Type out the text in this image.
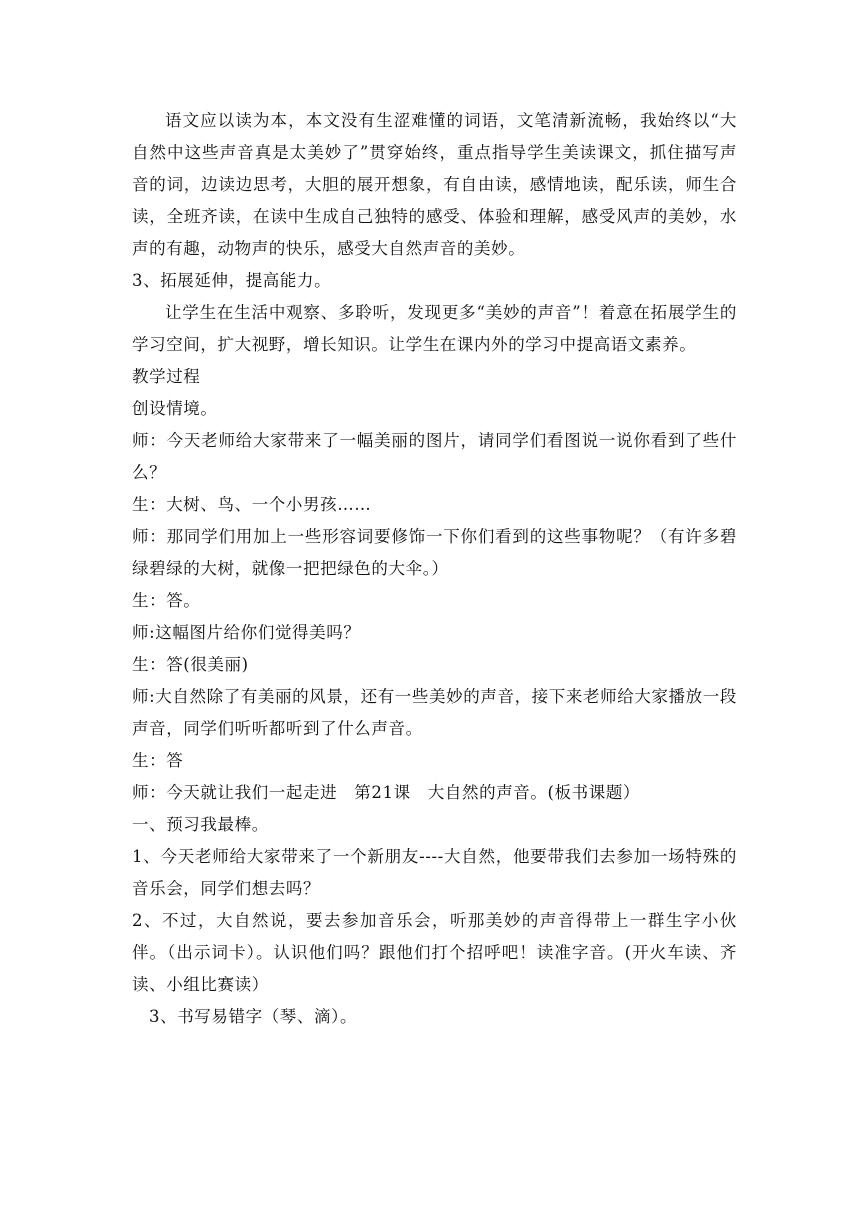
语文应以读为本，本文没有生涩难懂的词语，文笔清新流畅，我始终以“大自然中这些声音真是太美妙了”贯穿始终，重点指导学生美读课文，抓住描写声音的词，边读边思考，大胆的展开想象，有自由读，感情地读，配乐读，师生合读，全班齐读，在读中生成自己独特的感受、体验和理解，感受风声的美妙，水声的有趣，动物声的快乐，感受大自然声音的美妙。

3、拓展延伸，提高能力。

让学生在生活中观察、多聆听，发现更多“美妙的声音”！着意在拓展学生的学习空间，扩大视野，增长知识。让学生在课内外的学习中提高语文素养。

教学过程

创设情境。

师：今天老师给大家带来了一幅美丽的图片，请同学们看图说一说你看到了些什么？

生：大树、鸟、一个小男孩……

师：那同学们用加上一些形容词要修饰一下你们看到的这些事物呢？（有许多碧绿碧绿的大树，就像一把把绿色的大伞。）

生：答。

师:这幅图片给你们觉得美吗？

生：答(很美丽)

师:大自然除了有美丽的风景，还有一些美妙的声音，接下来老师给大家播放一段声音，同学们听听都听到了什么声音。

生：答

师：今天就让我们一起走进　第21课　大自然的声音。(板书课题）

一、预习我最棒。

1、今天老师给大家带来了一个新朋友----大自然，他要带我们去参加一场特殊的音乐会，同学们想去吗？

2、不过，大自然说，要去参加音乐会，听那美妙的声音得带上一群生字小伙伴。（出示词卡）。认识他们吗？跟他们打个招呼吧！读准字音。(开火车读、齐读、小组比赛读）

3、书写易错字（琴、滴）。
